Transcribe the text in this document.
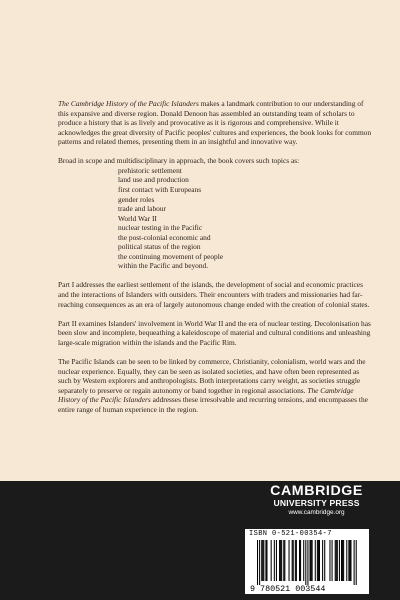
The Cambridge History of the Pacific Islanders makes a landmark contribution to our understanding of this expansive and diverse region. Donald Denoon has assembled an outstanding team of scholars to produce a history that is as lively and provocative as it is rigorous and comprehensive. While it acknowledges the great diversity of Pacific peoples' cultures and experiences, the book looks for common patterns and related themes, presenting them in an insightful and innovative way.

Broad in scope and multidisciplinary in approach, the book covers such topics as:

prehistoric settlement
land use and production
first contact with Europeans
gender roles
trade and labour
World War II
nuclear testing in the Pacific
the post-colonial economic and
political status of the region
the continuing movement of people
within the Pacific and beyond.

Part I addresses the earliest settlement of the islands, the development of social and economic practices and the interactions of Islanders with outsiders. Their encounters with traders and missionaries had far-reaching consequences as an era of largely autonomous change ended with the creation of colonial states.

Part II examines Islanders' involvement in World War II and the era of nuclear testing. Decolonisation has been slow and incomplete, bequeathing a kaleidoscope of material and cultural conditions and unleashing large-scale migration within the islands and the Pacific Rim.

The Pacific Islands can be seen to be linked by commerce, Christianity, colonialism, world wars and the nuclear experience. Equally, they can be seen as isolated societies, and have often been represented as such by Western explorers and anthropologists. Both interpretations carry weight, as societies struggle separately to preserve or regain autonomy or band together in regional associations. The Cambridge History of the Pacific Islanders addresses these irresolvable and recurring tensions, and encompasses the entire range of human experience in the region.

CAMBRIDGE
UNIVERSITY PRESS
www.cambridge.org
ISBN 0-521-00354-7
9 780521 003544
